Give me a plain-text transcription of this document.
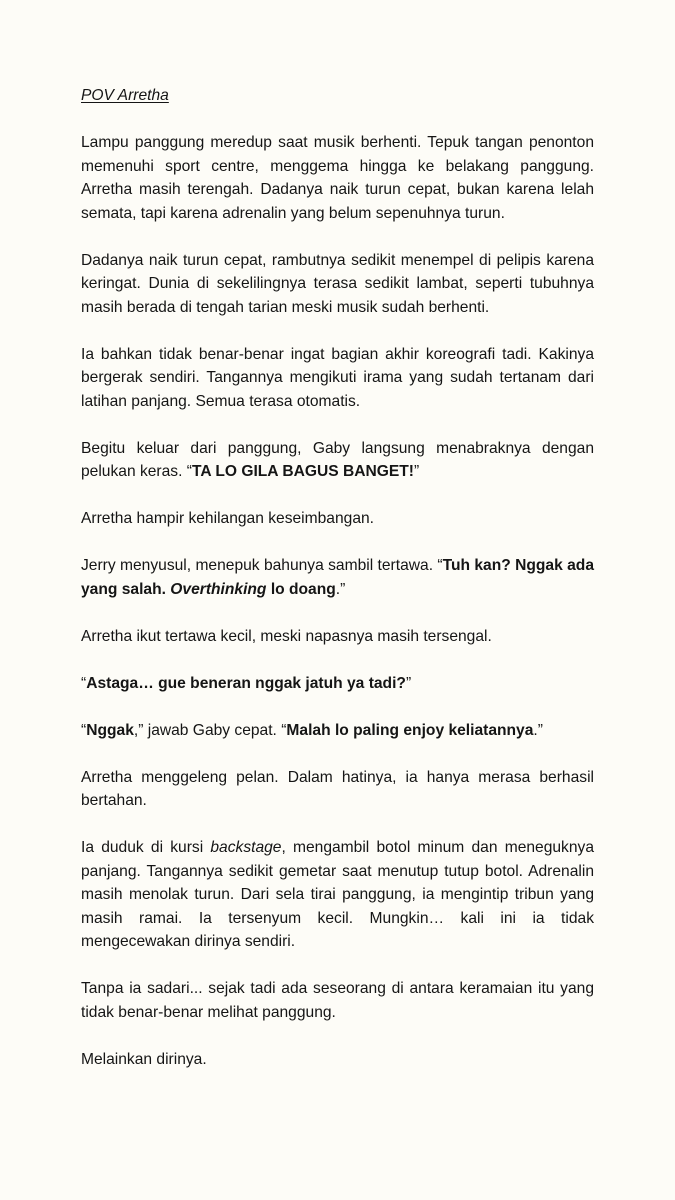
POV Arretha

Lampu panggung meredup saat musik berhenti. Tepuk tangan penonton memenuhi sport centre, menggema hingga ke belakang panggung. Arretha masih terengah. Dadanya naik turun cepat, bukan karena lelah semata, tapi karena adrenalin yang belum sepenuhnya turun.

Dadanya naik turun cepat, rambutnya sedikit menempel di pelipis karena keringat. Dunia di sekelilingnya terasa sedikit lambat, seperti tubuhnya masih berada di tengah tarian meski musik sudah berhenti.

Ia bahkan tidak benar-benar ingat bagian akhir koreografi tadi. Kakinya bergerak sendiri. Tangannya mengikuti irama yang sudah tertanam dari latihan panjang. Semua terasa otomatis.

Begitu keluar dari panggung, Gaby langsung menabraknya dengan pelukan keras. “TA LO GILA BAGUS BANGET!”

Arretha hampir kehilangan keseimbangan.

Jerry menyusul, menepuk bahunya sambil tertawa. “Tuh kan? Nggak ada yang salah. Overthinking lo doang.”

Arretha ikut tertawa kecil, meski napasnya masih tersengal.

“Astaga… gue beneran nggak jatuh ya tadi?”

“Nggak,” jawab Gaby cepat. “Malah lo paling enjoy keliatannya.”

Arretha menggeleng pelan. Dalam hatinya, ia hanya merasa berhasil bertahan.

Ia duduk di kursi backstage, mengambil botol minum dan meneguknya panjang. Tangannya sedikit gemetar saat menutup tutup botol. Adrenalin masih menolak turun. Dari sela tirai panggung, ia mengintip tribun yang masih ramai. Ia tersenyum kecil. Mungkin… kali ini ia tidak mengecewakan dirinya sendiri.

Tanpa ia sadari... sejak tadi ada seseorang di antara keramaian itu yang tidak benar-benar melihat panggung.

Melainkan dirinya.
